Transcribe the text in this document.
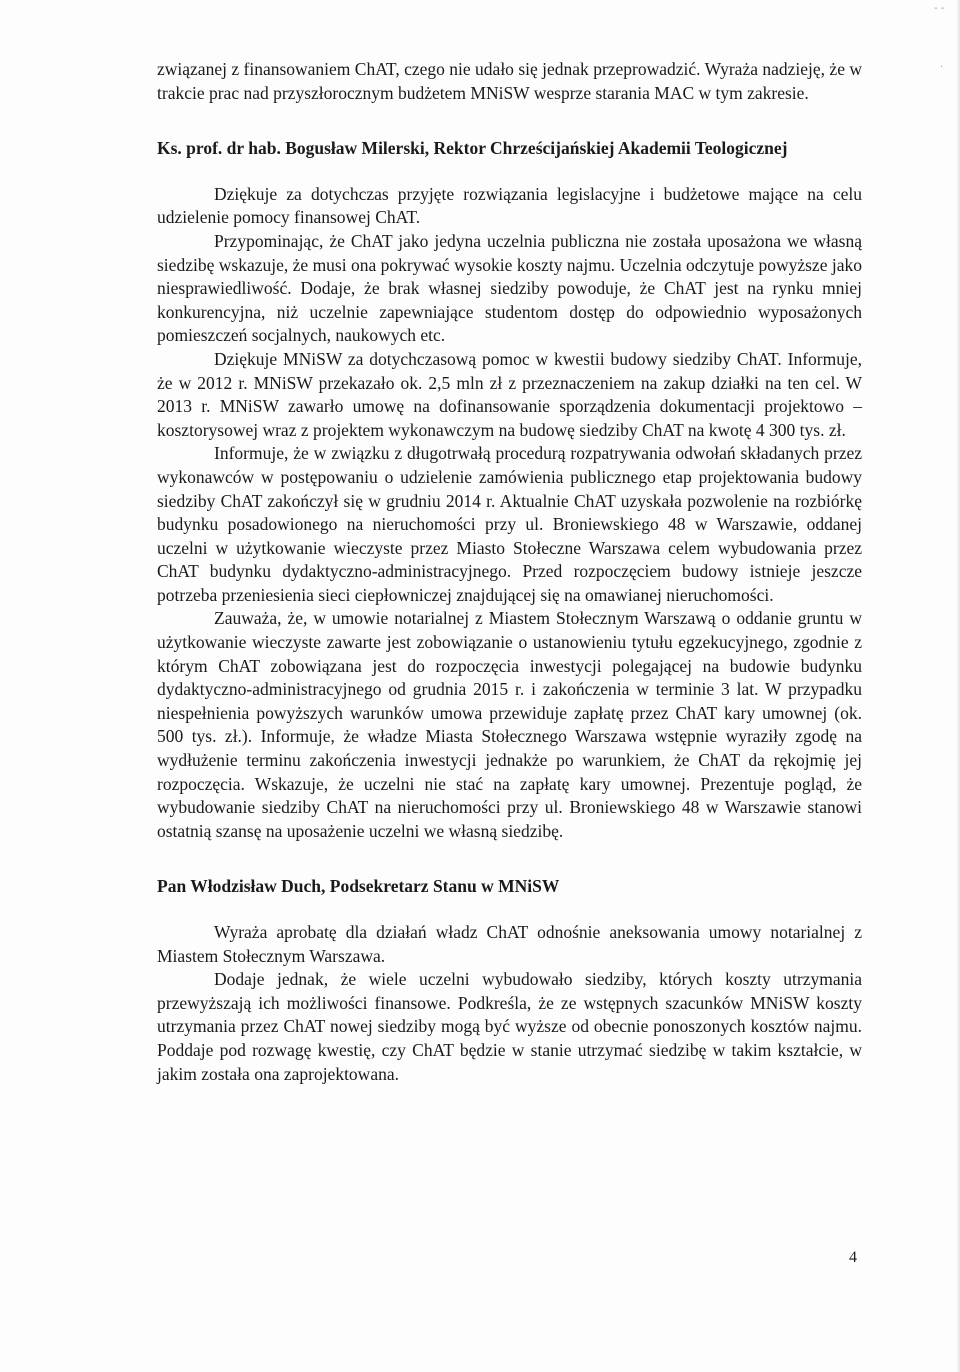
‐ ‐
·

związanej z finansowaniem ChAT, czego nie udało się jednak przeprowadzić. Wyraża nadzieję, że w trakcie prac nad przyszłorocznym budżetem MNiSW wesprze starania MAC w tym zakresie.

Ks. prof. dr hab. Bogusław Milerski, Rektor Chrześcijańskiej Akademii Teologicznej

Dziękuje za dotychczas przyjęte rozwiązania legislacyjne i budżetowe mające na celu udzielenie pomocy finansowej ChAT.

Przypominając, że ChAT jako jedyna uczelnia publiczna nie została uposażona we własną siedzibę wskazuje, że musi ona pokrywać wysokie koszty najmu. Uczelnia odczytuje powyższe jako niesprawiedliwość. Dodaje, że brak własnej siedziby powoduje, że ChAT jest na rynku mniej konkurencyjna, niż uczelnie zapewniające studentom dostęp do odpowiednio wyposażonych pomieszczeń socjalnych, naukowych etc.

Dziękuje MNiSW za dotychczasową pomoc w kwestii budowy siedziby ChAT. Informuje, że w 2012 r. MNiSW przekazało ok. 2,5 mln zł z przeznaczeniem na zakup działki na ten cel. W 2013 r. MNiSW zawarło umowę na dofinansowanie sporządzenia dokumentacji projektowo – kosztorysowej wraz z projektem wykonawczym na budowę siedziby ChAT na kwotę 4 300 tys. zł.

Informuje, że w związku z długotrwałą procedurą rozpatrywania odwołań składanych przez wykonawców w postępowaniu o udzielenie zamówienia publicznego etap projektowania budowy siedziby ChAT zakończył się w grudniu 2014 r. Aktualnie ChAT uzyskała pozwolenie na rozbiórkę budynku posadowionego na nieruchomości przy ul. Broniewskiego 48 w Warszawie, oddanej uczelni w użytkowanie wieczyste przez Miasto Stołeczne Warszawa celem wybudowania przez ChAT budynku dydaktyczno-administracyjnego. Przed rozpoczęciem budowy istnieje jeszcze potrzeba przeniesienia sieci ciepłowniczej znajdującej się na omawianej nieruchomości.

Zauważa, że, w umowie notarialnej z Miastem Stołecznym Warszawą o oddanie gruntu w użytkowanie wieczyste zawarte jest zobowiązanie o ustanowieniu tytułu egzekucyjnego, zgodnie z którym ChAT zobowiązana jest do rozpoczęcia inwestycji polegającej na budowie budynku dydaktyczno-administracyjnego od grudnia 2015 r. i zakończenia w terminie 3 lat. W przypadku niespełnienia powyższych warunków umowa przewiduje zapłatę przez ChAT kary umownej (ok. 500 tys. zł.). Informuje, że władze Miasta Stołecznego Warszawa wstępnie wyraziły zgodę na wydłużenie terminu zakończenia inwestycji jednakże po warunkiem, że ChAT da rękojmię jej rozpoczęcia. Wskazuje, że uczelni nie stać na zapłatę kary umownej. Prezentuje pogląd, że wybudowanie siedziby ChAT na nieruchomości przy ul. Broniewskiego 48 w Warszawie stanowi ostatnią szansę na uposażenie uczelni we własną siedzibę.

Pan Włodzisław Duch, Podsekretarz Stanu w MNiSW

Wyraża aprobatę dla działań władz ChAT odnośnie aneksowania umowy notarialnej z Miastem Stołecznym Warszawa.

Dodaje jednak, że wiele uczelni wybudowało siedziby, których koszty utrzymania przewyższają ich możliwości finansowe. Podkreśla, że ze wstępnych szacunków MNiSW koszty utrzymania przez ChAT nowej siedziby mogą być wyższe od obecnie ponoszonych kosztów najmu. Poddaje pod rozwagę kwestię, czy ChAT będzie w stanie utrzymać siedzibę w takim kształcie, w jakim została ona zaprojektowana.

4
